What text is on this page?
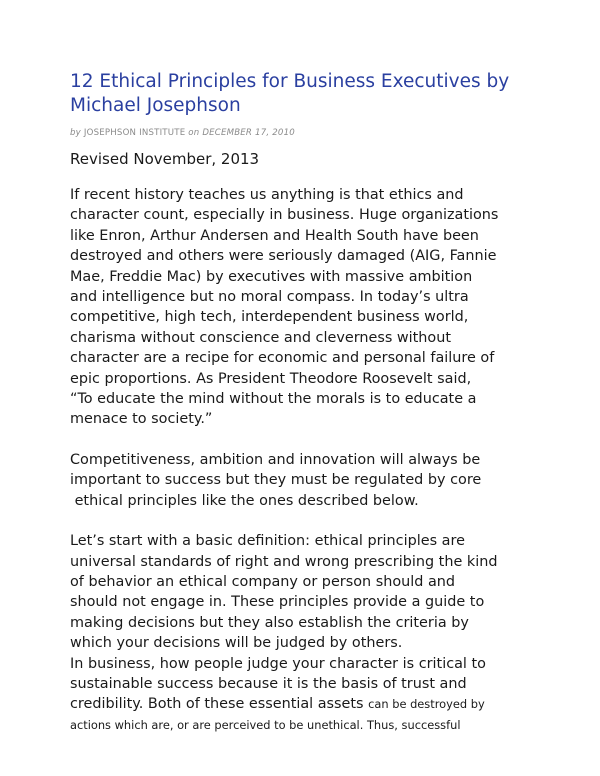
12 Ethical Principles for Business Executives by
Michael Josephson
by JOSEPHSON INSTITUTE on DECEMBER 17, 2010
Revised November, 2013
If recent history teaches us anything is that ethics and
character count, especially in business. Huge organizations
like Enron, Arthur Andersen and Health South have been
destroyed and others were seriously damaged (AIG, Fannie
Mae, Freddie Mac) by executives with massive ambition
and intelligence but no moral compass. In today’s ultra
competitive, high tech, interdependent business world,
charisma without conscience and cleverness without
character are a recipe for economic and personal failure of
epic proportions. As President Theodore Roosevelt said,
“To educate the mind without the morals is to educate a
menace to society.”
Competitiveness, ambition and innovation will always be
important to success but they must be regulated by core
ethical principles like the ones described below.
Let’s start with a basic definition: ethical principles are
universal standards of right and wrong prescribing the kind
of behavior an ethical company or person should and
should not engage in. These principles provide a guide to
making decisions but they also establish the criteria by
which your decisions will be judged by others.
In business, how people judge your character is critical to
sustainable success because it is the basis of trust and
credibility. Both of these essential assets can be destroyed by
actions which are, or are perceived to be unethical. Thus, successful
